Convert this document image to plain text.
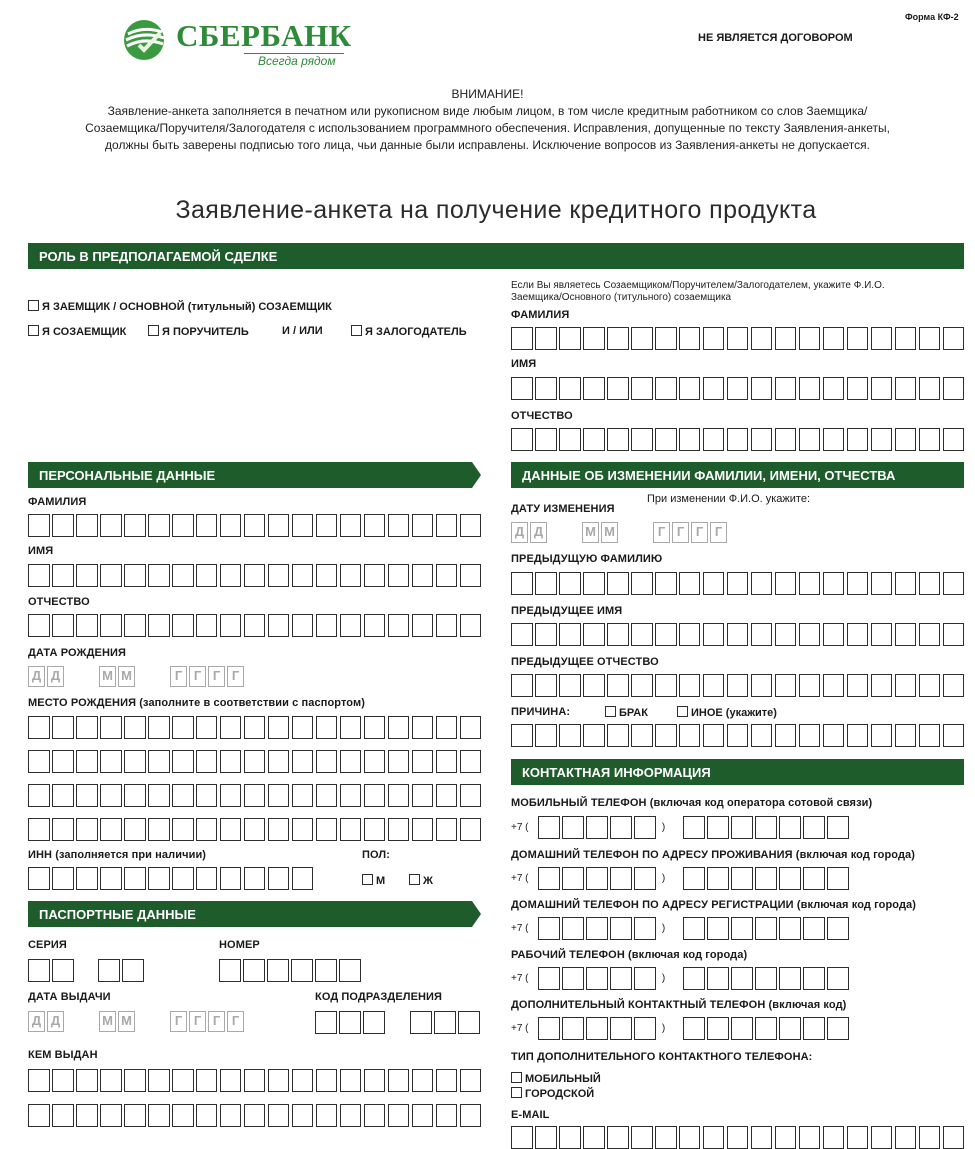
СБЕРБАНК
Всегда рядом
Форма КФ-2
НЕ ЯВЛЯЕТСЯ ДОГОВОРОМ
ВНИМАНИЕ!
Заявление-анкета заполняется в печатном или рукописном виде любым лицом, в том числе кредитным работником со слов Заемщика/
Созаемщика/Поручителя/Залогодателя с использованием программного обеспечения. Исправления, допущенные по тексту Заявления-анкеты,
должны быть заверены подписью того лица, чьи данные были исправлены. Исключение вопросов из Заявления-анкеты не допускается.
Заявление-анкета на получение кредитного продукта
РОЛЬ В ПРЕДПОЛАГАЕМОЙ СДЕЛКЕ
Я ЗАЕМЩИК / ОСНОВНОЙ (титульный) СОЗАЕМЩИК
Я СОЗАЕМЩИК	Я ПОРУЧИТЕЛЬ	И / ИЛИ	Я ЗАЛОГОДАТЕЛЬ
Если Вы являетесь Созаемщиком/Поручителем/Залогодателем, укажите Ф.И.О.
Заемщика/Основного (титульного) созаемщика
ФАМИЛИЯ
ИМЯ
ОТЧЕСТВО
ПЕРСОНАЛЬНЫЕ ДАННЫЕ
ФАМИЛИЯ
ИМЯ
ОТЧЕСТВО
ДАТА РОЖДЕНИЯ
Д Д	М М	Г Г Г Г
МЕСТО РОЖДЕНИЯ (заполните в соответствии с паспортом)
ИНН (заполняется при наличии)	ПОЛ:
М	Ж
ПАСПОРТНЫЕ ДАННЫЕ
СЕРИЯ	НОМЕР
ДАТА ВЫДАЧИ
Д Д	М М	Г Г Г Г
КОД ПОДРАЗДЕЛЕНИЯ
КЕМ ВЫДАН
ДАННЫЕ ОБ ИЗМЕНЕНИИ ФАМИЛИИ, ИМЕНИ, ОТЧЕСТВА
При изменении Ф.И.О. укажите:
ДАТУ ИЗМЕНЕНИЯ
Д Д	М М	Г Г Г Г
ПРЕДЫДУЩУЮ ФАМИЛИЮ
ПРЕДЫДУЩЕЕ ИМЯ
ПРЕДЫДУЩЕЕ ОТЧЕСТВО
ПРИЧИНА:	БРАК	ИНОЕ (укажите)
КОНТАКТНАЯ ИНФОРМАЦИЯ
МОБИЛЬНЫЙ ТЕЛЕФОН (включая код оператора сотовой связи)
+7 (	)
ДОМАШНИЙ ТЕЛЕФОН ПО АДРЕСУ ПРОЖИВАНИЯ (включая код города)
+7 (	)
ДОМАШНИЙ ТЕЛЕФОН ПО АДРЕСУ РЕГИСТРАЦИИ (включая код города)
+7 (	)
РАБОЧИЙ ТЕЛЕФОН (включая код города)
+7 (	)
ДОПОЛНИТЕЛЬНЫЙ КОНТАКТНЫЙ ТЕЛЕФОН (включая код)
+7 (	)
ТИП ДОПОЛНИТЕЛЬНОГО КОНТАКТНОГО ТЕЛЕФОНА:
МОБИЛЬНЫЙ
ГОРОДСКОЙ
E-MAIL
